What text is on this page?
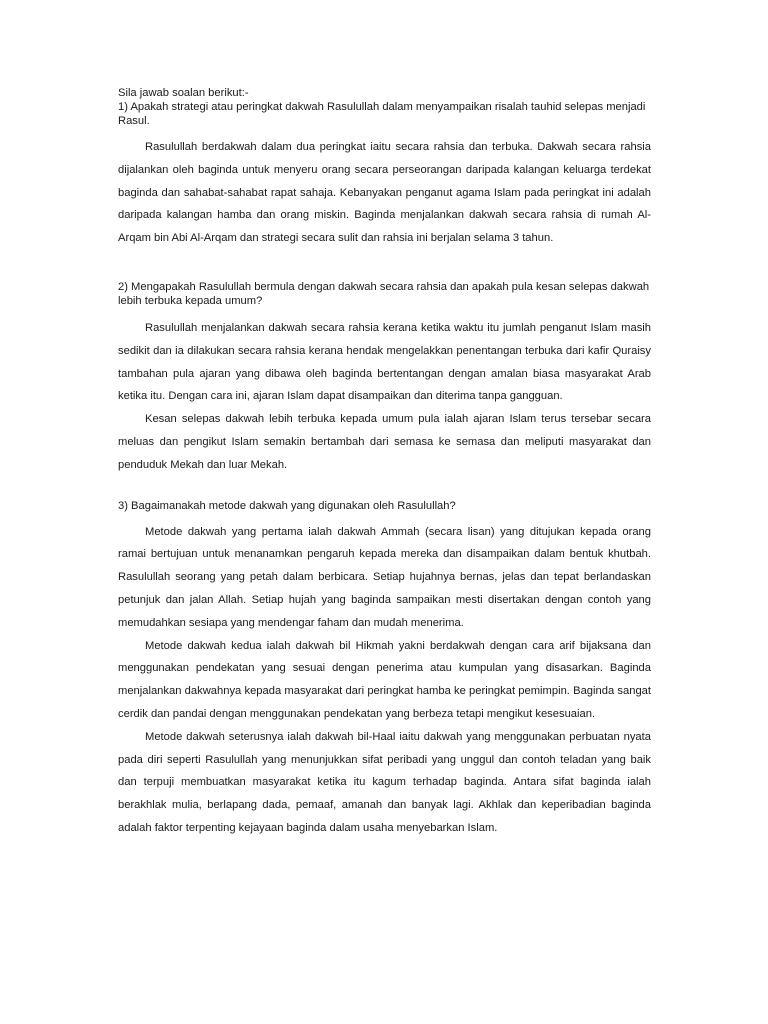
Sila jawab soalan berikut:-

1) Apakah strategi atau peringkat dakwah Rasulullah dalam menyampaikan risalah tauhid selepas menjadi Rasul.

Rasulullah berdakwah dalam dua peringkat iaitu secara rahsia dan terbuka. Dakwah secara rahsia dijalankan oleh baginda untuk menyeru orang secara perseorangan daripada kalangan keluarga terdekat baginda dan sahabat-sahabat rapat sahaja. Kebanyakan penganut agama Islam pada peringkat ini adalah daripada kalangan hamba dan orang miskin. Baginda menjalankan dakwah secara rahsia di rumah Al-Arqam bin Abi Al-Arqam dan strategi secara sulit dan rahsia ini berjalan selama 3 tahun.

2) Mengapakah Rasulullah bermula dengan dakwah secara rahsia dan apakah pula kesan selepas dakwah lebih terbuka kepada umum?

Rasulullah menjalankan dakwah secara rahsia kerana ketika waktu itu jumlah penganut Islam masih sedikit dan ia dilakukan secara rahsia kerana hendak mengelakkan penentangan terbuka dari kafir Quraisy tambahan pula ajaran yang dibawa oleh baginda bertentangan dengan amalan biasa masyarakat Arab ketika itu. Dengan cara ini, ajaran Islam dapat disampaikan dan diterima tanpa gangguan.

Kesan selepas dakwah lebih terbuka kepada umum pula ialah ajaran Islam terus tersebar secara meluas dan pengikut Islam semakin bertambah dari semasa ke semasa dan meliputi masyarakat dan penduduk Mekah dan luar Mekah.

3) Bagaimanakah metode dakwah yang digunakan oleh Rasulullah?

Metode dakwah yang pertama ialah dakwah Ammah (secara lisan) yang ditujukan kepada orang ramai bertujuan untuk menanamkan pengaruh kepada mereka dan disampaikan dalam bentuk khutbah. Rasulullah seorang yang petah dalam berbicara. Setiap hujahnya bernas, jelas dan tepat berlandaskan petunjuk dan jalan Allah. Setiap hujah yang baginda sampaikan mesti disertakan dengan contoh yang memudahkan sesiapa yang mendengar faham dan mudah menerima.

Metode dakwah kedua ialah dakwah bil Hikmah yakni berdakwah dengan cara arif bijaksana dan menggunakan pendekatan yang sesuai dengan penerima atau kumpulan yang disasarkan. Baginda menjalankan dakwahnya kepada masyarakat dari peringkat hamba ke peringkat pemimpin. Baginda sangat cerdik dan pandai dengan menggunakan pendekatan yang berbeza tetapi mengikut kesesuaian.

Metode dakwah seterusnya ialah dakwah bil-Haal iaitu dakwah yang menggunakan perbuatan nyata pada diri seperti Rasulullah yang menunjukkan sifat peribadi yang unggul dan contoh teladan yang baik dan terpuji membuatkan masyarakat ketika itu kagum terhadap baginda. Antara sifat baginda ialah berakhlak mulia, berlapang dada, pemaaf, amanah dan banyak lagi. Akhlak dan keperibadian baginda adalah faktor terpenting kejayaan baginda dalam usaha menyebarkan Islam.
